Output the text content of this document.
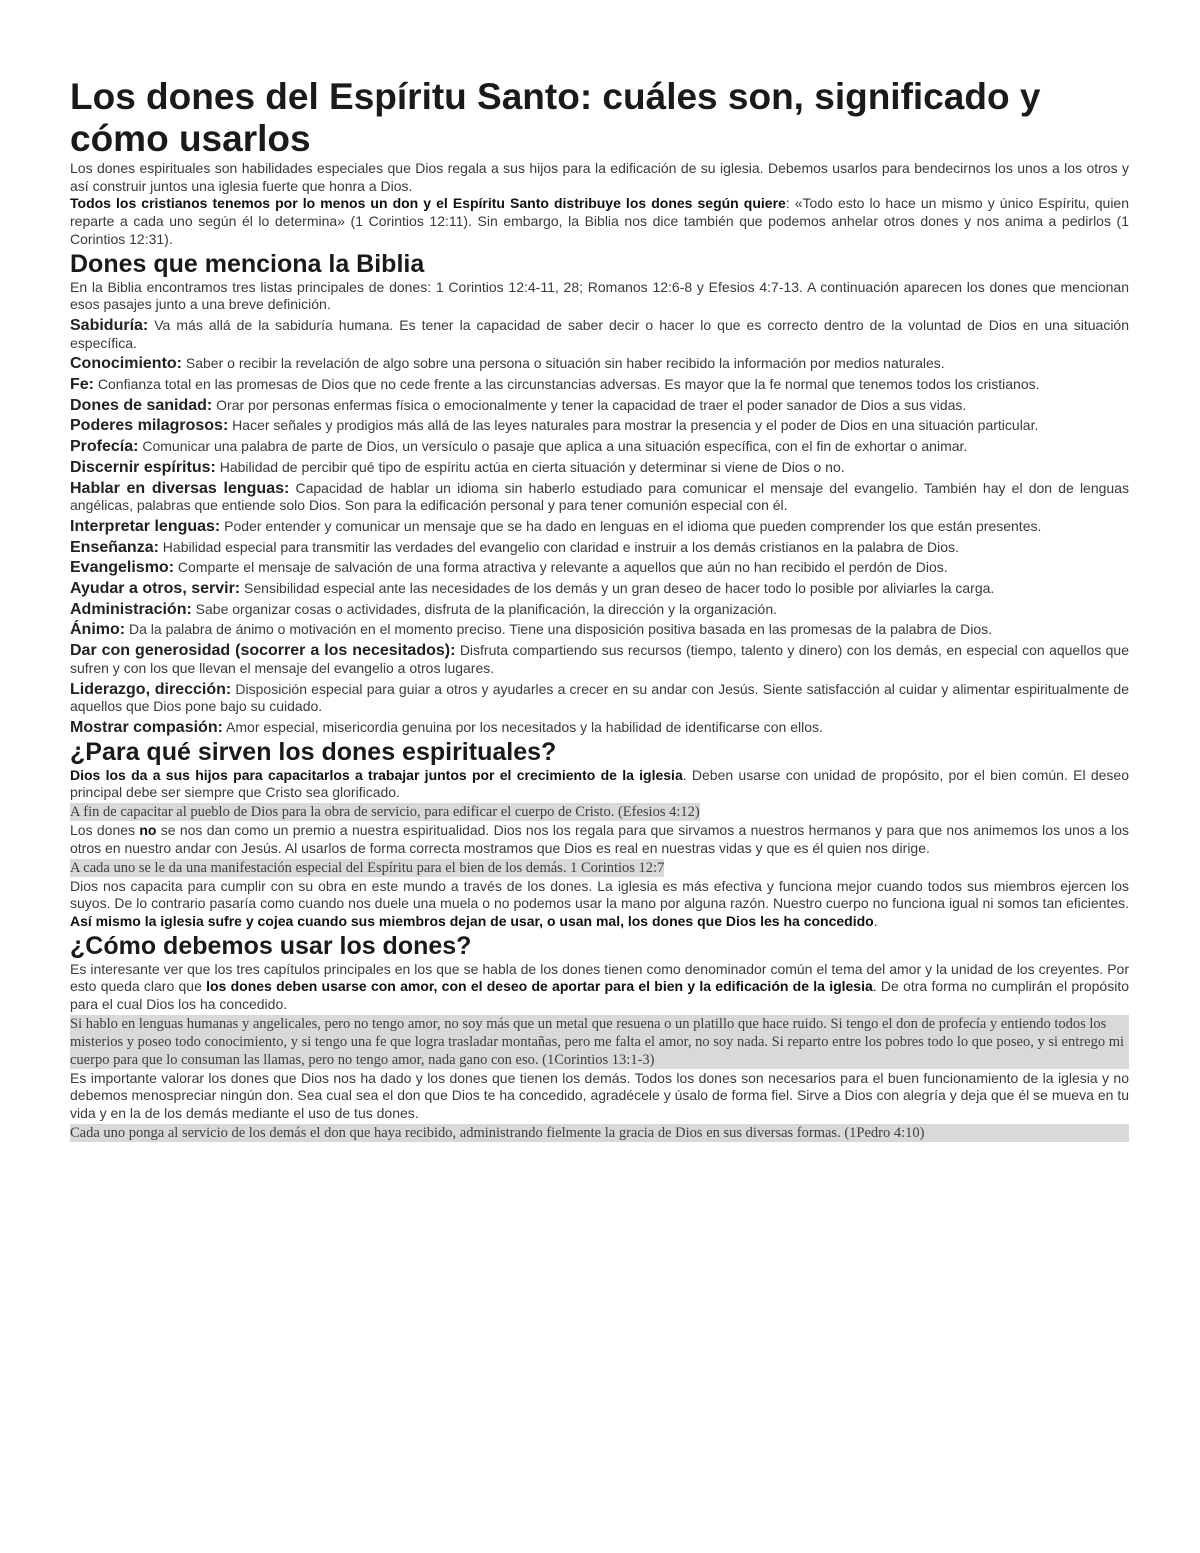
Los dones del Espíritu Santo: cuáles son, significado y cómo usarlos

Los dones espirituales son habilidades especiales que Dios regala a sus hijos para la edificación de su iglesia. Debemos usarlos para bendecirnos los unos a los otros y así construir juntos una iglesia fuerte que honra a Dios.

Todos los cristianos tenemos por lo menos un don y el Espíritu Santo distribuye los dones según quiere: «Todo esto lo hace un mismo y único Espíritu, quien reparte a cada uno según él lo determina» (1 Corintios 12:11). Sin embargo, la Biblia nos dice también que podemos anhelar otros dones y nos anima a pedirlos (1 Corintios 12:31).

Dones que menciona la Biblia

En la Biblia encontramos tres listas principales de dones: 1 Corintios 12:4-11, 28; Romanos 12:6-8 y Efesios 4:7-13. A continuación aparecen los dones que mencionan esos pasajes junto a una breve definición.

Sabiduría: Va más allá de la sabiduría humana. Es tener la capacidad de saber decir o hacer lo que es correcto dentro de la voluntad de Dios en una situación específica.

Conocimiento: Saber o recibir la revelación de algo sobre una persona o situación sin haber recibido la información por medios naturales.

Fe: Confianza total en las promesas de Dios que no cede frente a las circunstancias adversas. Es mayor que la fe normal que tenemos todos los cristianos.

Dones de sanidad: Orar por personas enfermas física o emocionalmente y tener la capacidad de traer el poder sanador de Dios a sus vidas.

Poderes milagrosos: Hacer señales y prodigios más allá de las leyes naturales para mostrar la presencia y el poder de Dios en una situación particular.

Profecía: Comunicar una palabra de parte de Dios, un versículo o pasaje que aplica a una situación específica, con el fin de exhortar o animar.

Discernir espíritus: Habilidad de percibir qué tipo de espíritu actúa en cierta situación y determinar si viene de Dios o no.

Hablar en diversas lenguas: Capacidad de hablar un idioma sin haberlo estudiado para comunicar el mensaje del evangelio. También hay el don de lenguas angélicas, palabras que entiende solo Dios. Son para la edificación personal y para tener comunión especial con él.

Interpretar lenguas: Poder entender y comunicar un mensaje que se ha dado en lenguas en el idioma que pueden comprender los que están presentes.

Enseñanza: Habilidad especial para transmitir las verdades del evangelio con claridad e instruir a los demás cristianos en la palabra de Dios.

Evangelismo: Comparte el mensaje de salvación de una forma atractiva y relevante a aquellos que aún no han recibido el perdón de Dios.

Ayudar a otros, servir: Sensibilidad especial ante las necesidades de los demás y un gran deseo de hacer todo lo posible por aliviarles la carga.

Administración: Sabe organizar cosas o actividades, disfruta de la planificación, la dirección y la organización.

Ánimo: Da la palabra de ánimo o motivación en el momento preciso. Tiene una disposición positiva basada en las promesas de la palabra de Dios.

Dar con generosidad (socorrer a los necesitados): Disfruta compartiendo sus recursos (tiempo, talento y dinero) con los demás, en especial con aquellos que sufren y con los que llevan el mensaje del evangelio a otros lugares.

Liderazgo, dirección: Disposición especial para guiar a otros y ayudarles a crecer en su andar con Jesús. Siente satisfacción al cuidar y alimentar espiritualmente de aquellos que Dios pone bajo su cuidado.

Mostrar compasión: Amor especial, misericordia genuina por los necesitados y la habilidad de identificarse con ellos.

¿Para qué sirven los dones espirituales?

Dios los da a sus hijos para capacitarlos a trabajar juntos por el crecimiento de la iglesia. Deben usarse con unidad de propósito, por el bien común. El deseo principal debe ser siempre que Cristo sea glorificado.

A fin de capacitar al pueblo de Dios para la obra de servicio, para edificar el cuerpo de Cristo. (Efesios 4:12)

Los dones no se nos dan como un premio a nuestra espiritualidad. Dios nos los regala para que sirvamos a nuestros hermanos y para que nos animemos los unos a los otros en nuestro andar con Jesús. Al usarlos de forma correcta mostramos que Dios es real en nuestras vidas y que es él quien nos dirige.

A cada uno se le da una manifestación especial del Espíritu para el bien de los demás. 1 Corintios 12:7

Dios nos capacita para cumplir con su obra en este mundo a través de los dones. La iglesia es más efectiva y funciona mejor cuando todos sus miembros ejercen los suyos. De lo contrario pasaría como cuando nos duele una muela o no podemos usar la mano por alguna razón. Nuestro cuerpo no funciona igual ni somos tan eficientes. Así mismo la iglesia sufre y cojea cuando sus miembros dejan de usar, o usan mal, los dones que Dios les ha concedido.

¿Cómo debemos usar los dones?

Es interesante ver que los tres capítulos principales en los que se habla de los dones tienen como denominador común el tema del amor y la unidad de los creyentes. Por esto queda claro que los dones deben usarse con amor, con el deseo de aportar para el bien y la edificación de la iglesia. De otra forma no cumplirán el propósito para el cual Dios los ha concedido.

Si hablo en lenguas humanas y angelicales, pero no tengo amor, no soy más que un metal que resuena o un platillo que hace ruido. Si tengo el don de profecía y entiendo todos los misterios y poseo todo conocimiento, y si tengo una fe que logra trasladar montañas, pero me falta el amor, no soy nada. Si reparto entre los pobres todo lo que poseo, y si entrego mi cuerpo para que lo consuman las llamas, pero no tengo amor, nada gano con eso. (1Corintios 13:1-3)

Es importante valorar los dones que Dios nos ha dado y los dones que tienen los demás. Todos los dones son necesarios para el buen funcionamiento de la iglesia y no debemos menospreciar ningún don. Sea cual sea el don que Dios te ha concedido, agradécele y úsalo de forma fiel. Sirve a Dios con alegría y deja que él se mueva en tu vida y en la de los demás mediante el uso de tus dones.

Cada uno ponga al servicio de los demás el don que haya recibido, administrando fielmente la gracia de Dios en sus diversas formas. (1Pedro 4:10)
